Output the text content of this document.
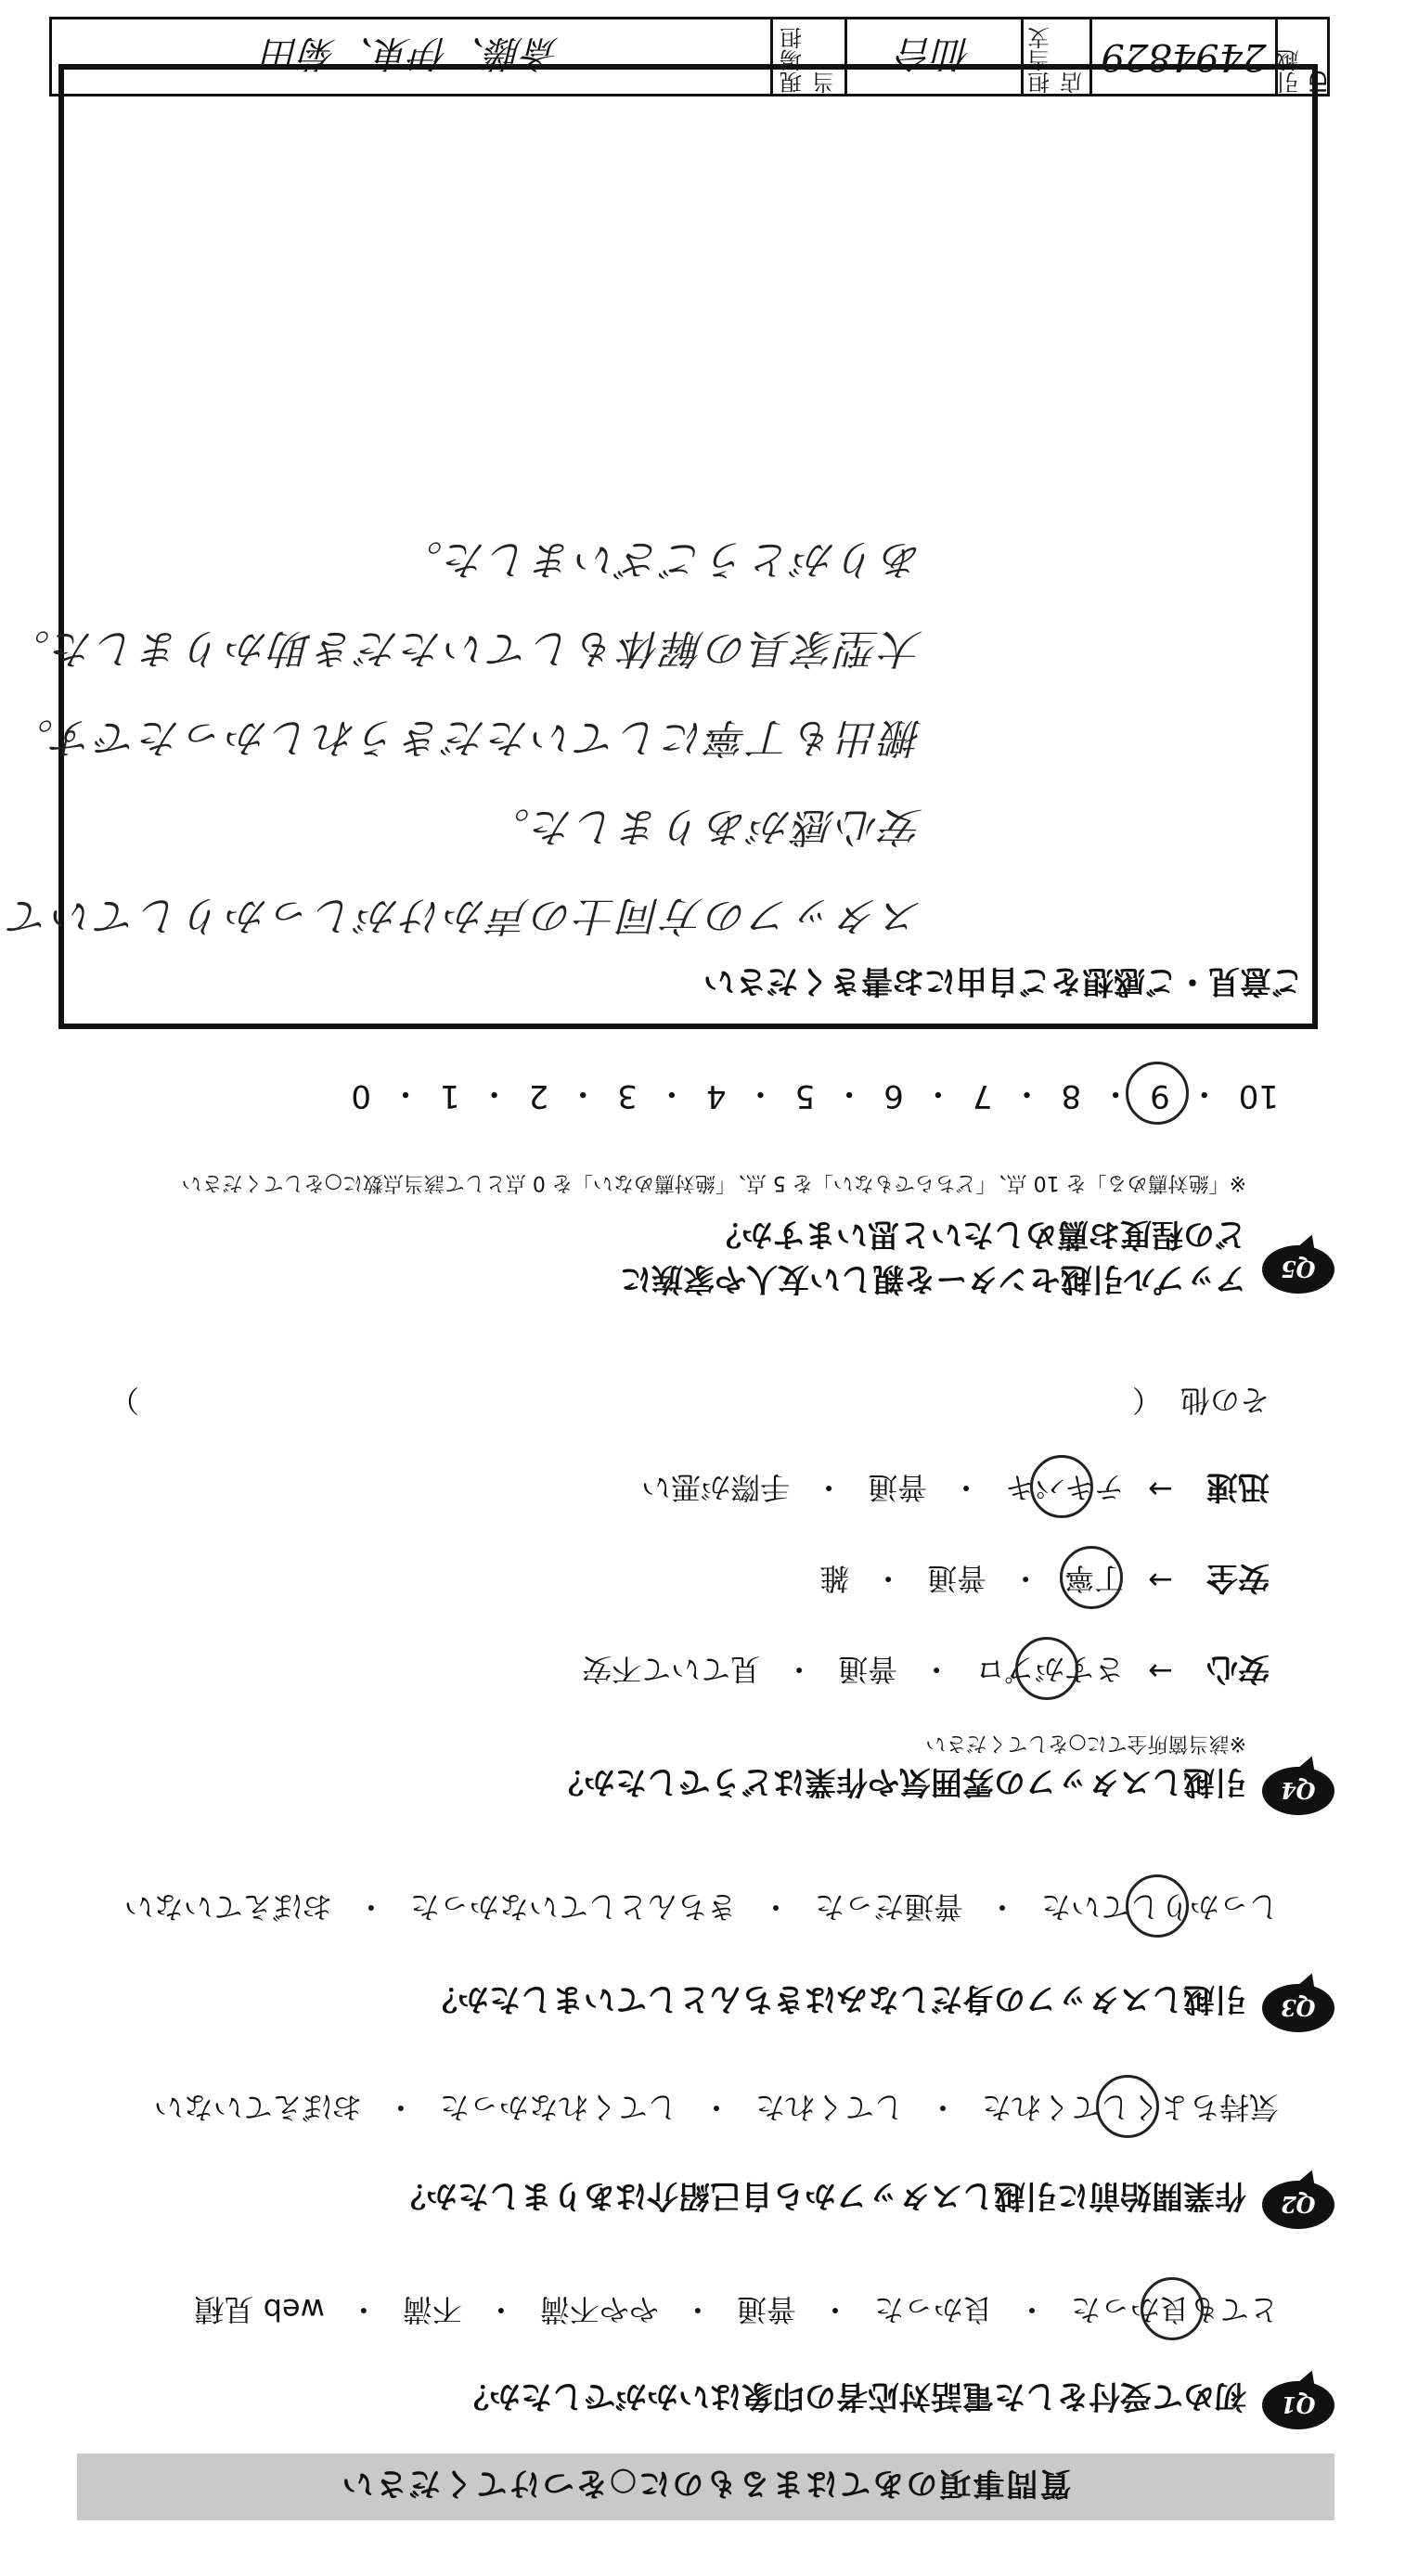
質問事項のあてはまるものに○をつけてください
Q1
初めて受付をした電話対応者の印象はいかがでしたか？
とても良かった
・
良かった
・
普通
・
やや不満
・
不満
・
web 見積
Q2
作業開始前に引越しスタッフから自己紹介はありましたか？
気持ちよくしてくれた
・
してくれた
・
してくれなかった
・
おぼえていない
Q3
引越しスタッフの身だしなみはきちんとしていましたか？
しっかりしていた
・
普通だった
・
きちんとしていなかった
・
おぼえていない
Q4
引越しスタッフの雰囲気や作業はどうでしたか？
※該当箇所全てに○をしてください
安心
→
さすがプロ
・
普通
・
見ていて不安
安全
→
丁寧
・
普通
・
雑
迅速
→
テキパキ
・
普通
・
手際が悪い
その他
（
）
Q5
アップル引越センターを親しい友人や家族に
どの程度お薦めしたいと思いますか？
※「絶対薦める」を 10 点、「どちらでもない」を 5 点、「絶対薦めない」を 0 点として該当点数に○をしてください
10
・
9
・
8
・
7
・
6
・
5
・
4
・
3
・
2
・
1
・
0
ご意見・ご感想をご自由にお書きください
スタッフの方同士の声かけがしっかりしていて
安心感がありました。
搬出も丁寧にしていただきうれしかったです。
大型家具の解体もしていただき助かりました。
ありがとうございました。
引越 ID
2494829
担当支店
仙台
現場担当
斎藤、伊東、菊田
